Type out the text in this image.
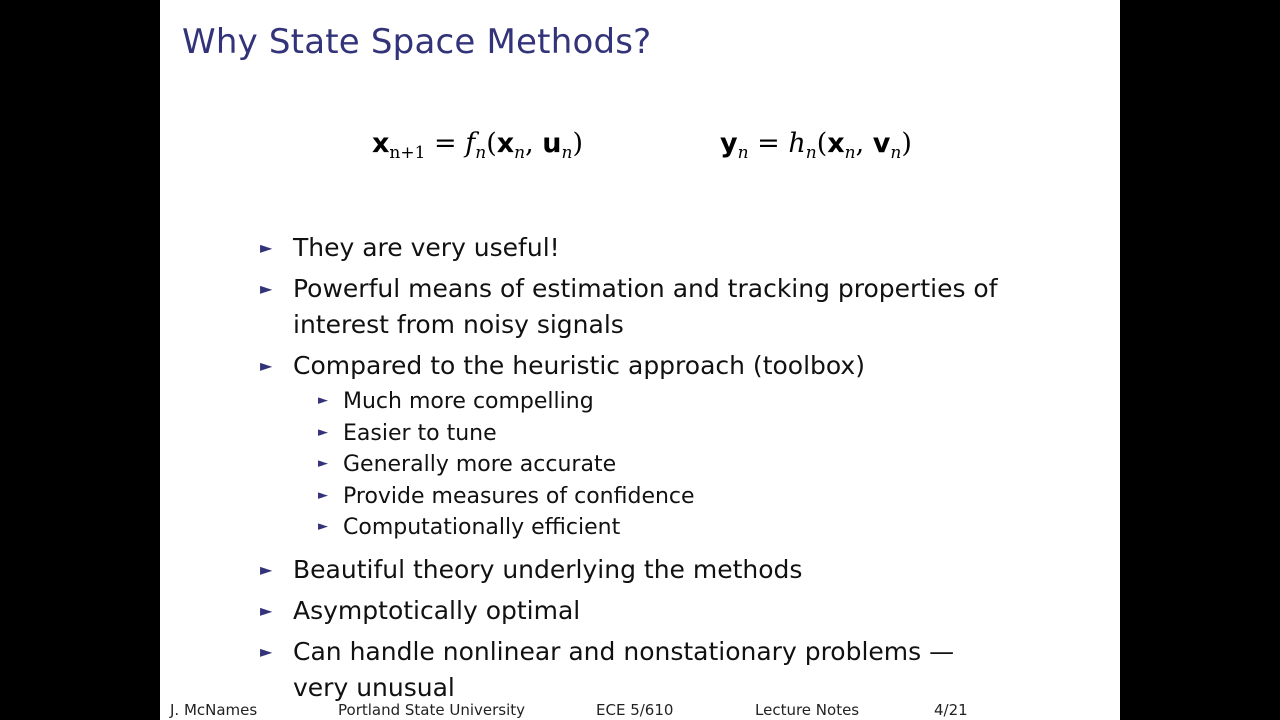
Why State Space Methods?
$x_{n+1} = f_n(x_n$, $u_n$)	$y_n = h_n(x_n$, $v_n$)
► They are very useful!
► Powerful means of estimation and tracking properties of interest from noisy signals
► Compared to the heuristic approach (toolbox)
► Much more compelling
► Easier to tune
► Generally more accurate
► Provide measures of confidence
► Computationally efficient
► Beautiful theory underlying the methods
► Asymptotically optimal
► Can handle nonlinear and nonstationary problems — very unusual
J. McNames	Portland State University	ECE 5/610	Lecture Notes	4/21
